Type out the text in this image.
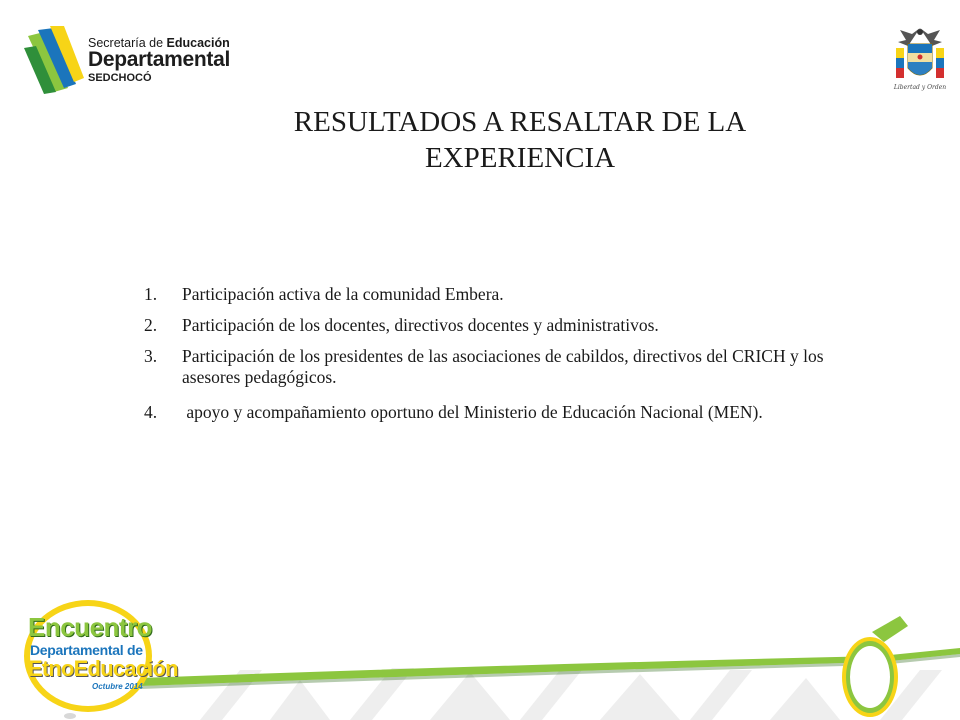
Secretaría de Educación
Departamental
SEDCHOCÓ
Libertad y Orden
RESULTADOS A RESALTAR DE LA
EXPERIENCIA
1. Participación activa de la comunidad Embera.
2. Participación de los docentes, directivos docentes y administrativos.
3. Participación de los presidentes de las asociaciones de cabildos, directivos del CRICH y los asesores pedagógicos.
4. apoyo y acompañamiento oportuno del Ministerio de Educación Nacional (MEN).
Encuentro
Departamental de
EtnoEducación
Octubre 2014
